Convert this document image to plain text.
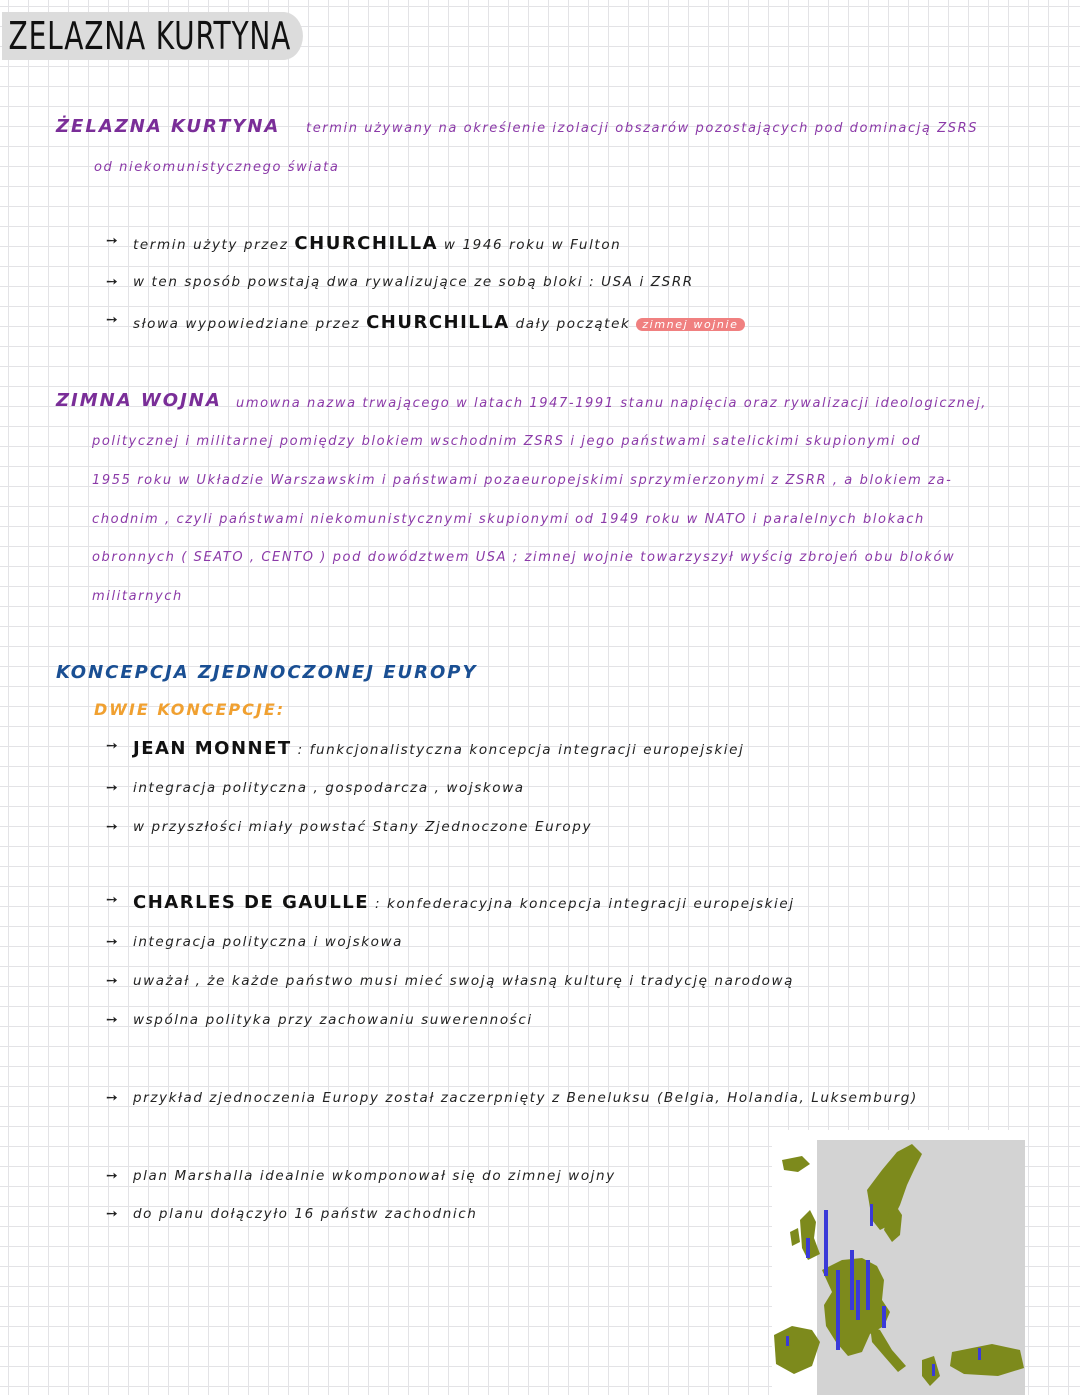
ZELAZNA KURTYNA
ŻELAZNA KURTYNA termin używany na określenie izolacji obszarów pozostających pod dominacją ZSRS
od niekomunistycznego świata
➙ termin użyty przez CHURCHILLA w 1946 roku w Fulton
➙ w ten sposób powstają dwa rywalizujące ze sobą bloki : USA i ZSRR
➙ słowa wypowiedziane przez CHURCHILLA dały początek zimnej wojnie
ZIMNA WOJNA umowna nazwa trwającego w latach 1947-1991 stanu napięcia oraz rywalizacji ideologicznej,
politycznej i militarnej pomiędzy blokiem wschodnim ZSRS i jego państwami satelickimi skupionymi od
1955 roku w Układzie Warszawskim i państwami pozaeuropejskimi sprzymierzonymi z ZSRR , a blokiem za-
chodnim , czyli państwami niekomunistycznymi skupionymi od 1949 roku w NATO i paralelnych blokach
obronnych ( SEATO , CENTO ) pod dowództwem USA ; zimnej wojnie towarzyszył wyścig zbrojeń obu bloków
militarnych
KONCEPCJA ZJEDNOCZONEJ EUROPY
DWIE KONCEPCJE:
➙ JEAN MONNET : funkcjonalistyczna koncepcja integracji europejskiej
➙ integracja polityczna , gospodarcza , wojskowa
➙ w przyszłości miały powstać Stany Zjednoczone Europy
➙ CHARLES DE GAULLE : konfederacyjna koncepcja integracji europejskiej
➙ integracja polityczna i wojskowa
➙ uważał , że każde państwo musi mieć swoją własną kulturę i tradycję narodową
➙ wspólna polityka przy zachowaniu suwerenności
➙ przykład zjednoczenia Europy został zaczerpnięty z Beneluksu (Belgia, Holandia, Luksemburg)
➙ plan Marshalla idealnie wkomponował się do zimnej wojny
➙ do planu dołączyło 16 państw zachodnich
